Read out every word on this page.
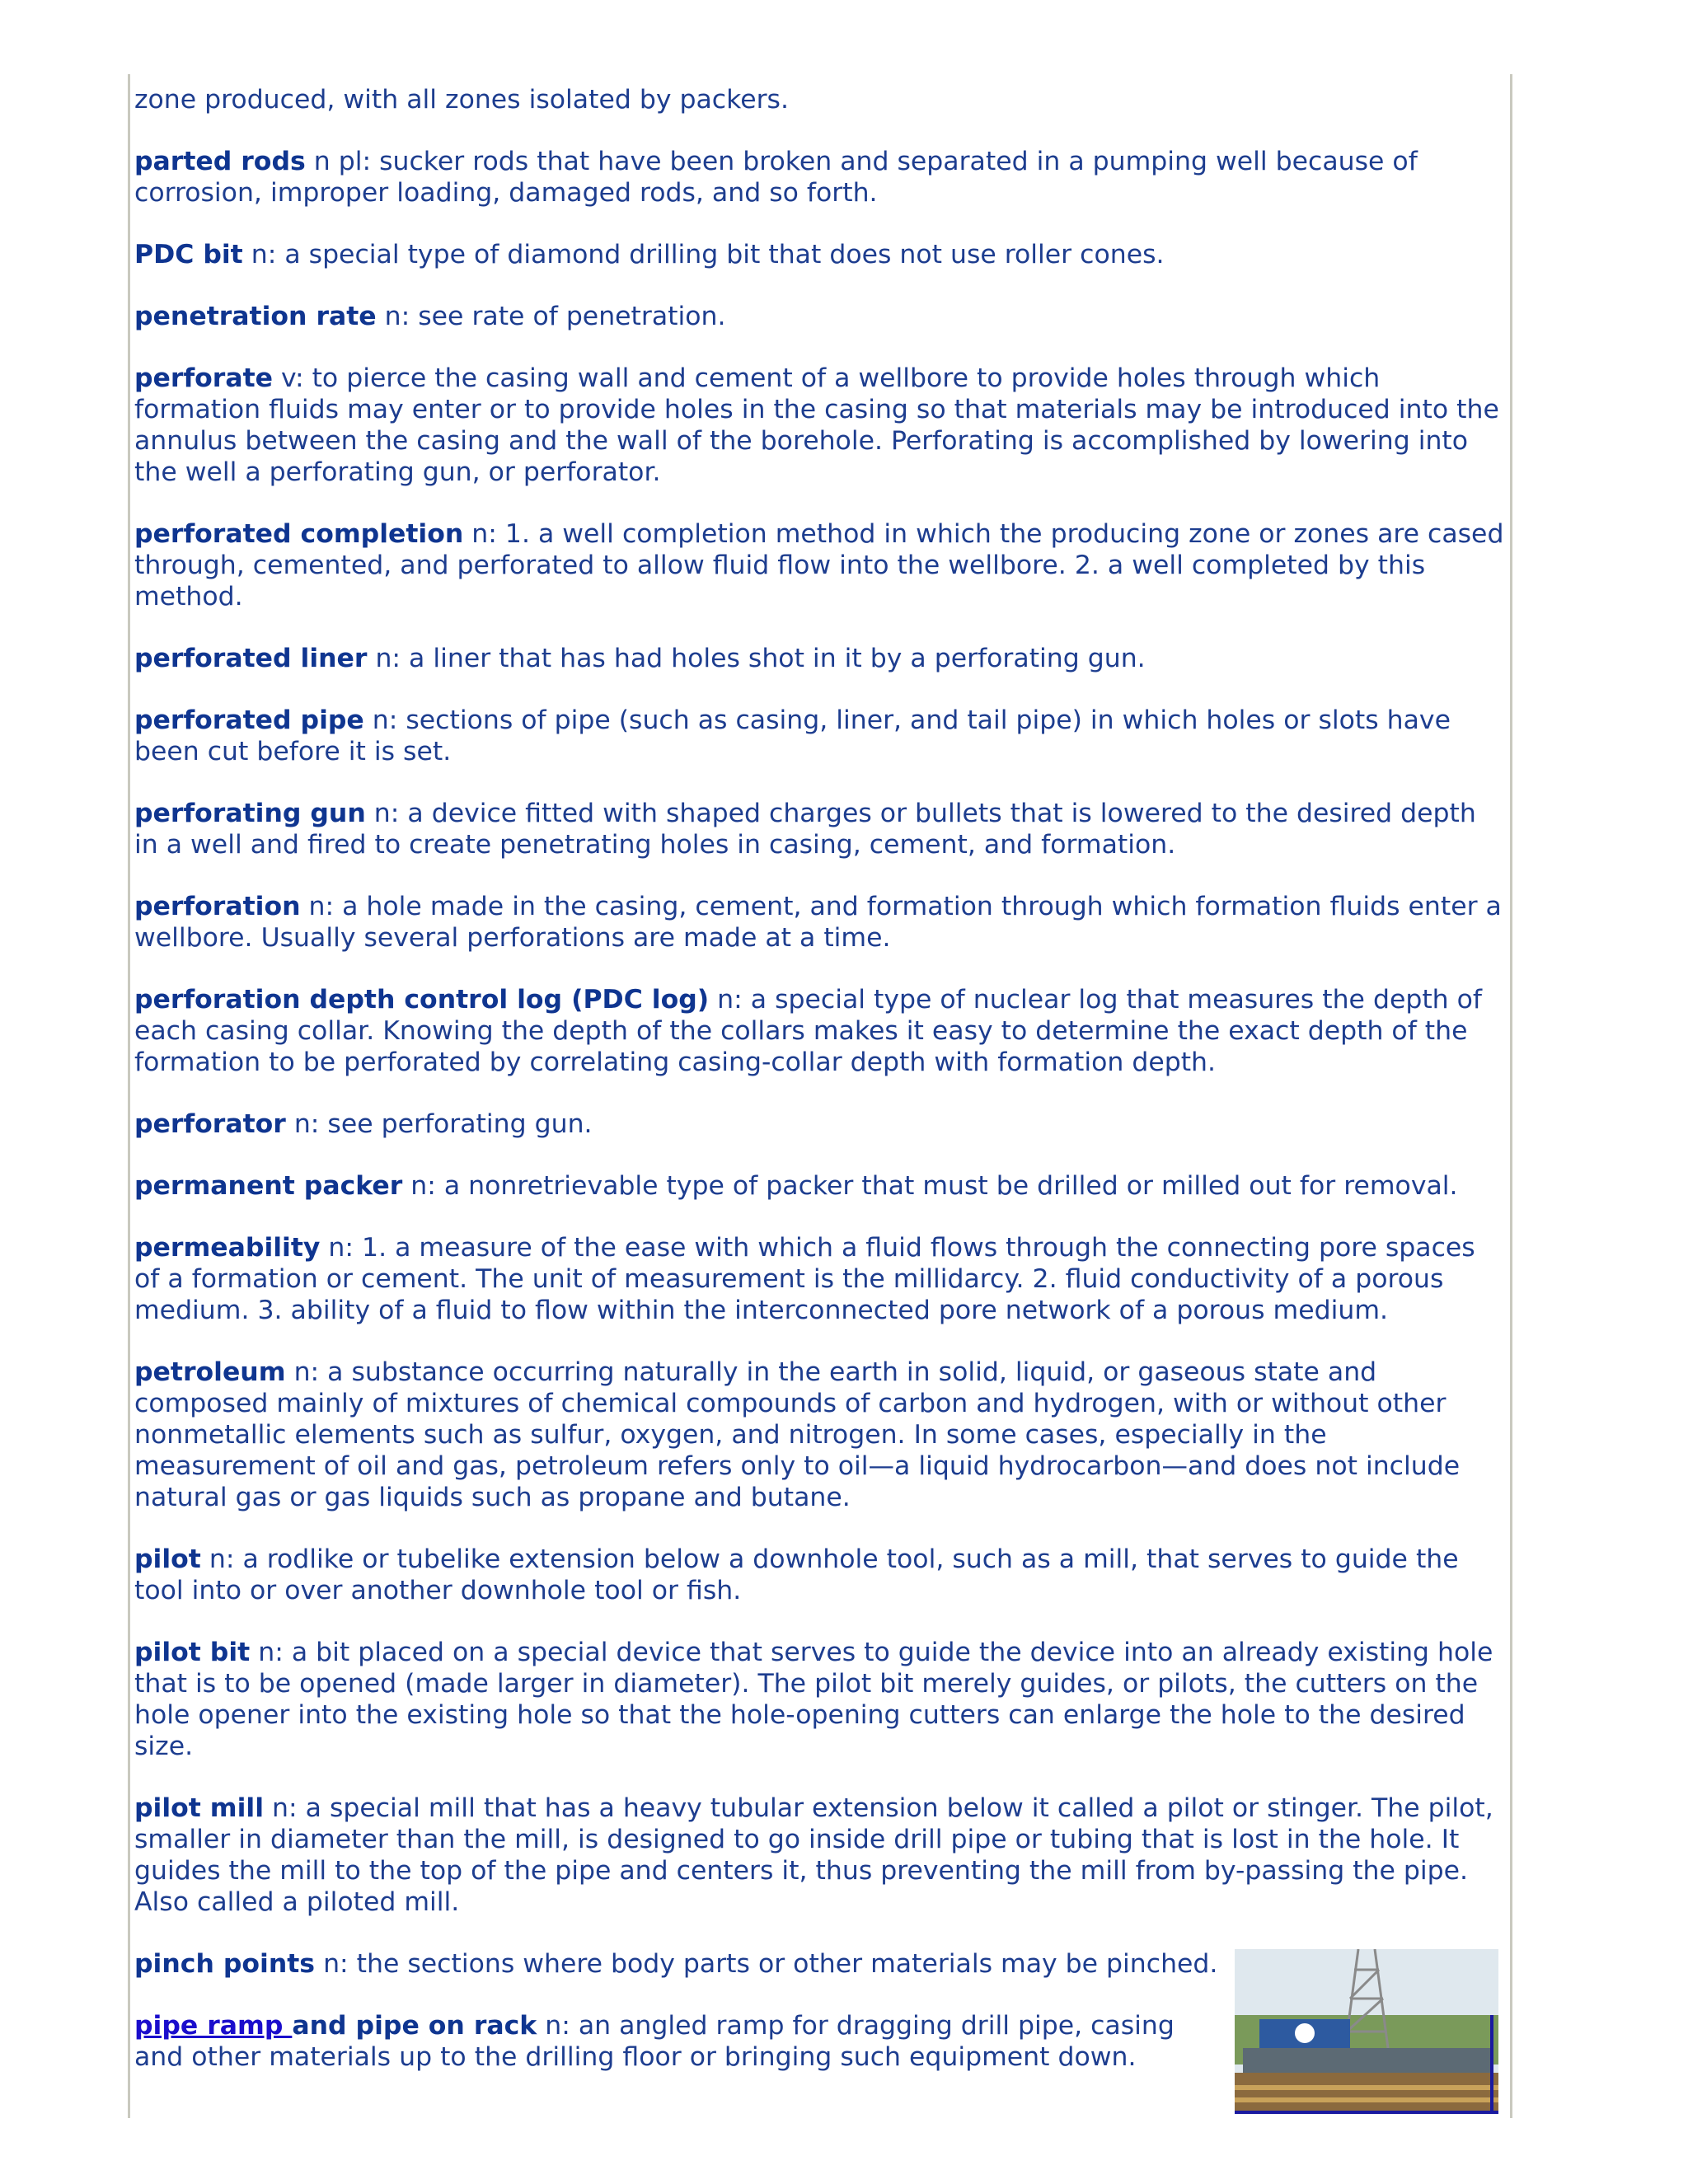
zone produced, with all zones isolated by packers.
parted rods n pl: sucker rods that have been broken and separated in a pumping well because of corrosion, improper loading, damaged rods, and so forth.
PDC bit n: a special type of diamond drilling bit that does not use roller cones.
penetration rate n: see rate of penetration.
perforate v: to pierce the casing wall and cement of a wellbore to provide holes through which formation fluids may enter or to provide holes in the casing so that materials may be introduced into the annulus between the casing and the wall of the borehole. Perforating is accomplished by lowering into the well a perforating gun, or perforator.
perforated completion n: 1. a well completion method in which the producing zone or zones are cased through, cemented, and perforated to allow fluid flow into the wellbore. 2. a well completed by this method.
perforated liner n: a liner that has had holes shot in it by a perforating gun.
perforated pipe n: sections of pipe (such as casing, liner, and tail pipe) in which holes or slots have been cut before it is set.
perforating gun n: a device fitted with shaped charges or bullets that is lowered to the desired depth in a well and fired to create penetrating holes in casing, cement, and formation.
perforation n: a hole made in the casing, cement, and formation through which formation fluids enter a wellbore. Usually several perforations are made at a time.
perforation depth control log (PDC log) n: a special type of nuclear log that measures the depth of each casing collar. Knowing the depth of the collars makes it easy to determine the exact depth of the formation to be perforated by correlating casing-collar depth with formation depth.
perforator n: see perforating gun.
permanent packer n: a nonretrievable type of packer that must be drilled or milled out for removal.
permeability n: 1. a measure of the ease with which a fluid flows through the connecting pore spaces of a formation or cement. The unit of measurement is the millidarcy. 2. fluid conductivity of a porous medium. 3. ability of a fluid to flow within the interconnected pore network of a porous medium.
petroleum n: a substance occurring naturally in the earth in solid, liquid, or gaseous state and composed mainly of mixtures of chemical compounds of carbon and hydrogen, with or without other nonmetallic elements such as sulfur, oxygen, and nitrogen. In some cases, especially in the measurement of oil and gas, petroleum refers only to oil—a liquid hydrocarbon—and does not include natural gas or gas liquids such as propane and butane.
pilot n: a rodlike or tubelike extension below a downhole tool, such as a mill, that serves to guide the tool into or over another downhole tool or fish.
pilot bit n: a bit placed on a special device that serves to guide the device into an already existing hole that is to be opened (made larger in diameter). The pilot bit merely guides, or pilots, the cutters on the hole opener into the existing hole so that the hole-opening cutters can enlarge the hole to the desired size.
pilot mill n: a special mill that has a heavy tubular extension below it called a pilot or stinger. The pilot, smaller in diameter than the mill, is designed to go inside drill pipe or tubing that is lost in the hole. It guides the mill to the top of the pipe and centers it, thus preventing the mill from by-passing the pipe. Also called a piloted mill.
pinch points n: the sections where body parts or other materials may be pinched.
pipe ramp and pipe on rack n: an angled ramp for dragging drill pipe, casing and other materials up to the drilling floor or bringing such equipment down.
